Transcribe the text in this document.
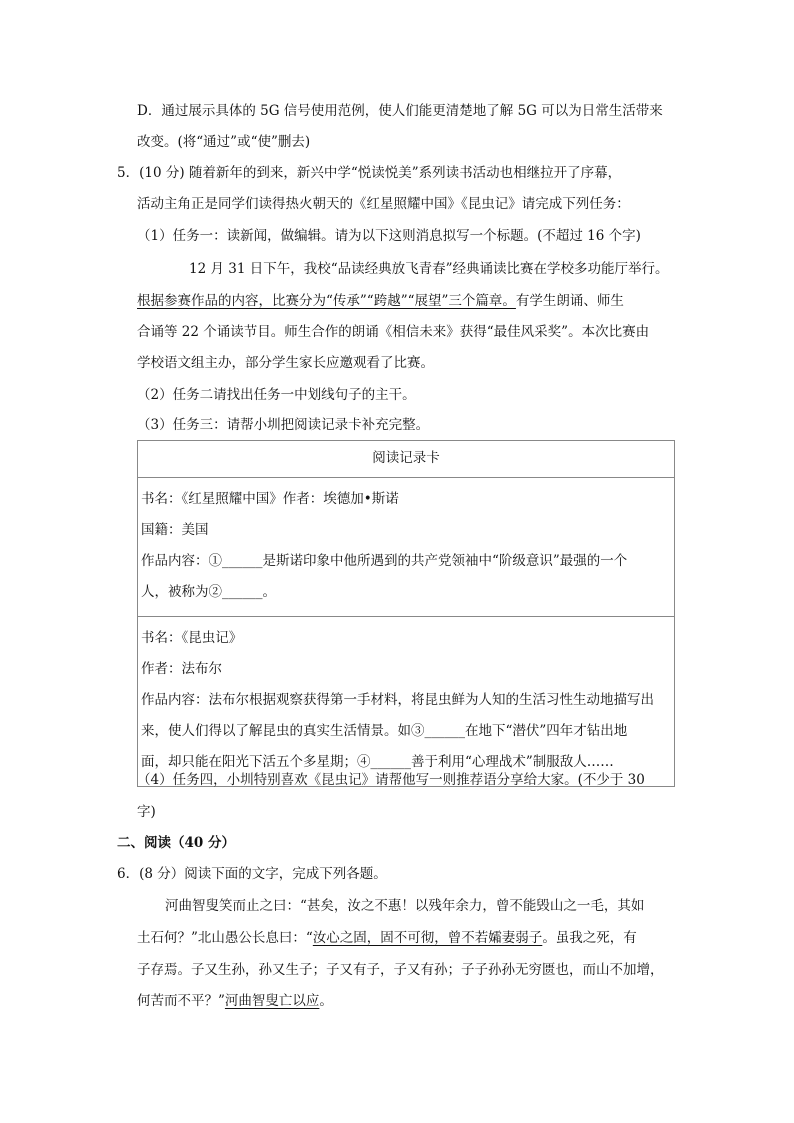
D．通过展示具体的 5G 信号使用范例，使人们能更清楚地了解 5G 可以为日常生活带来
改变。(将“通过”或“使”删去)
5．(10 分) 随着新年的到来，新兴中学“悦读悦美”系列读书活动也相继拉开了序幕，
活动主角正是同学们读得热火朝天的《红星照耀中国》《昆虫记》请完成下列任务：
（1）任务一：读新闻，做编辑。请为以下这则消息拟写一个标题。(不超过 16 个字)
12 月 31 日下午，我校“品读经典放飞青春”经典诵读比赛在学校多功能厅举行。
根据参赛作品的内容，比赛分为“传承”“跨越”“展望”三个篇章。有学生朗诵、师生
合诵等 22 个诵读节目。师生合作的朗诵《相信未来》获得“最佳风采奖”。本次比赛由
学校语文组主办，部分学生家长应邀观看了比赛。
（2）任务二请找出任务一中划线句子的主干。
（3）任务三：请帮小圳把阅读记录卡补充完整。
阅读记录卡

书名：《红星照耀中国》作者：埃德加•斯诺
国籍：美国
作品内容：①______是斯诺印象中他所遇到的共产党领袖中“阶级意识”最强的一个
人，被称为②______。

书名：《昆虫记》
作者：法布尔
作品内容：法布尔根据观察获得第一手材料，将昆虫鲜为人知的生活习性生动地描写出
来，使人们得以了解昆虫的真实生活情景。如③______在地下“潜伏”四年才钻出地
面，却只能在阳光下活五个多星期；④______善于利用“心理战术”制服敌人……
（4）任务四，小圳特别喜欢《昆虫记》请帮他写一则推荐语分享给大家。(不少于 30
字)
二、阅读（40 分）
6．(8 分）阅读下面的文字，完成下列各题。
河曲智叟笑而止之曰：“甚矣，汝之不惠！以残年余力，曾不能毁山之一毛，其如
土石何？”北山愚公长息曰：“汝心之固，固不可彻，曾不若孀妻弱子。虽我之死，有
子存焉。子又生孙，孙又生子；子又有子，子又有孙；子子孙孙无穷匮也，而山不加增，
何苦而不平？”河曲智叟亡以应。
